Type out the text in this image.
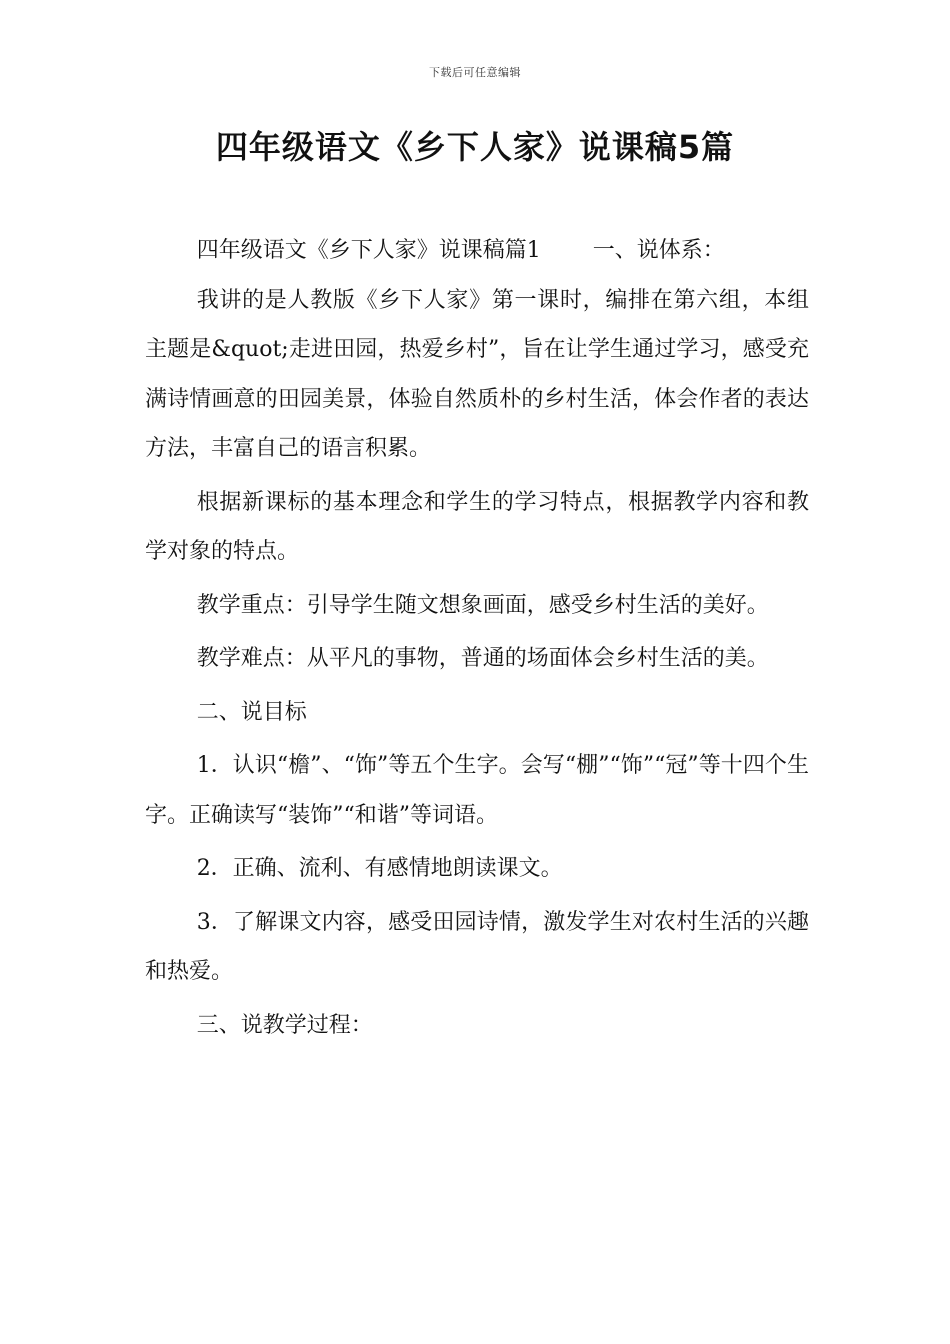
下载后可任意编辑
四年级语文《乡下人家》说课稿5篇

四年级语文《乡下人家》说课稿篇1 一、说体系：

我讲的是人教版《乡下人家》第一课时，编排在第六组，本组主题是&quot;走进田园，热爱乡村”，旨在让学生通过学习，感受充满诗情画意的田园美景，体验自然质朴的乡村生活，体会作者的表达方法，丰富自己的语言积累。

根据新课标的基本理念和学生的学习特点，根据教学内容和教学对象的特点。

教学重点：引导学生随文想象画面，感受乡村生活的美好。

教学难点：从平凡的事物，普通的场面体会乡村生活的美。

二、说目标

1．认识“檐”、“饰”等五个生字。会写“棚”“饰”“冠”等十四个生字。正确读写“装饰”“和谐”等词语。

2．正确、流利、有感情地朗读课文。

3．了解课文内容，感受田园诗情，激发学生对农村生活的兴趣和热爱。

三、说教学过程：
